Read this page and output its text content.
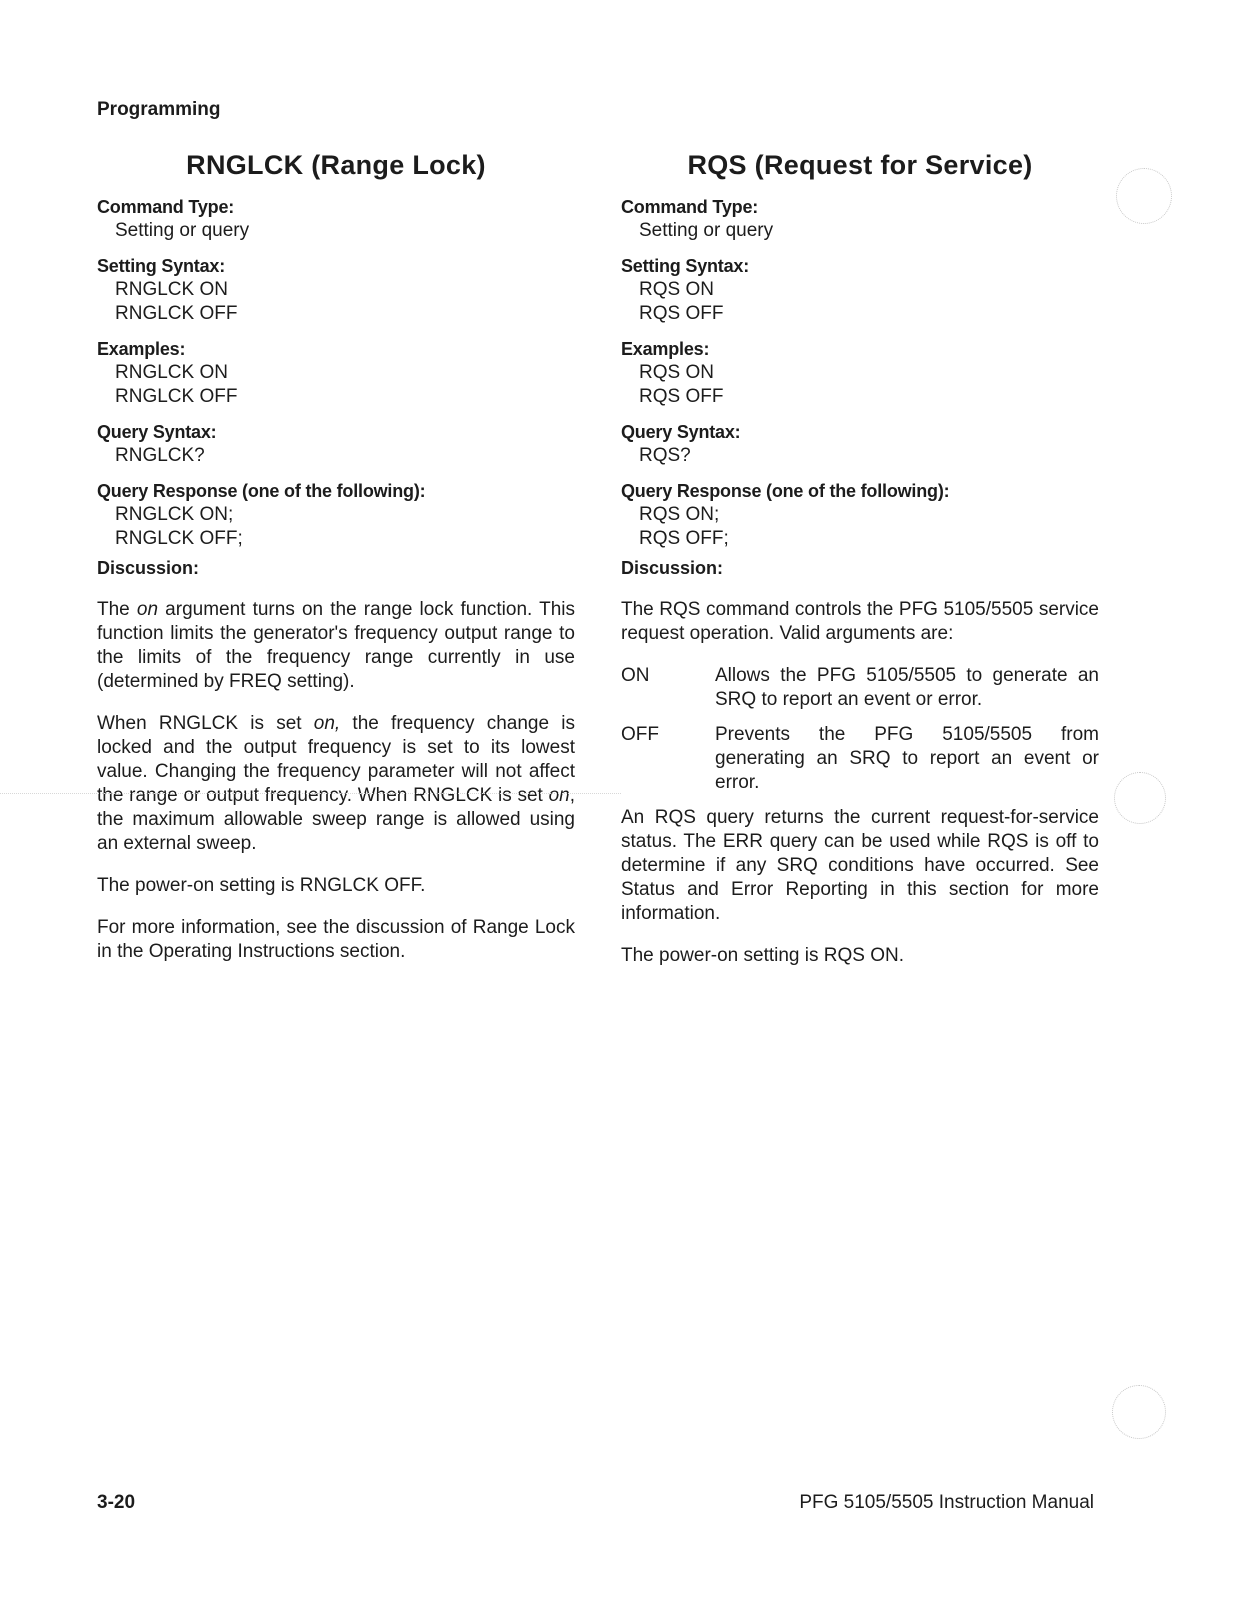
Programming
RNGLCK (Range Lock)
Command Type:
Setting or query
Setting Syntax:
RNGLCK ON
RNGLCK OFF
Examples:
RNGLCK ON
RNGLCK OFF
Query Syntax:
RNGLCK?
Query Response (one of the following):
RNGLCK ON;
RNGLCK OFF;
Discussion:

The on argument turns on the range lock function. This function limits the generator's frequency output range to the limits of the frequency range currently in use (determined by FREQ setting).

When RNGLCK is set on, the frequency change is locked and the output frequency is set to its lowest value. Changing the frequency parameter will not affect the range or output frequency. When RNGLCK is set on, the maximum allowable sweep range is allowed using an external sweep.

The power-on setting is RNGLCK OFF.

For more information, see the discussion of Range Lock in the Operating Instructions section.

RQS (Request for Service)
Command Type:
Setting or query
Setting Syntax:
RQS ON
RQS OFF
Examples:
RQS ON
RQS OFF
Query Syntax:
RQS?
Query Response (one of the following):
RQS ON;
RQS OFF;
Discussion:

The RQS command controls the PFG 5105/5505 service request operation. Valid arguments are:

ON	Allows the PFG 5105/5505 to generate an SRQ to report an event or error.
OFF	Prevents the PFG 5105/5505 from generating an SRQ to report an event or error.

An RQS query returns the current request-for-service status. The ERR query can be used while RQS is off to determine if any SRQ conditions have occurred. See Status and Error Reporting in this section for more information.

The power-on setting is RQS ON.

3-20	PFG 5105/5505 Instruction Manual
